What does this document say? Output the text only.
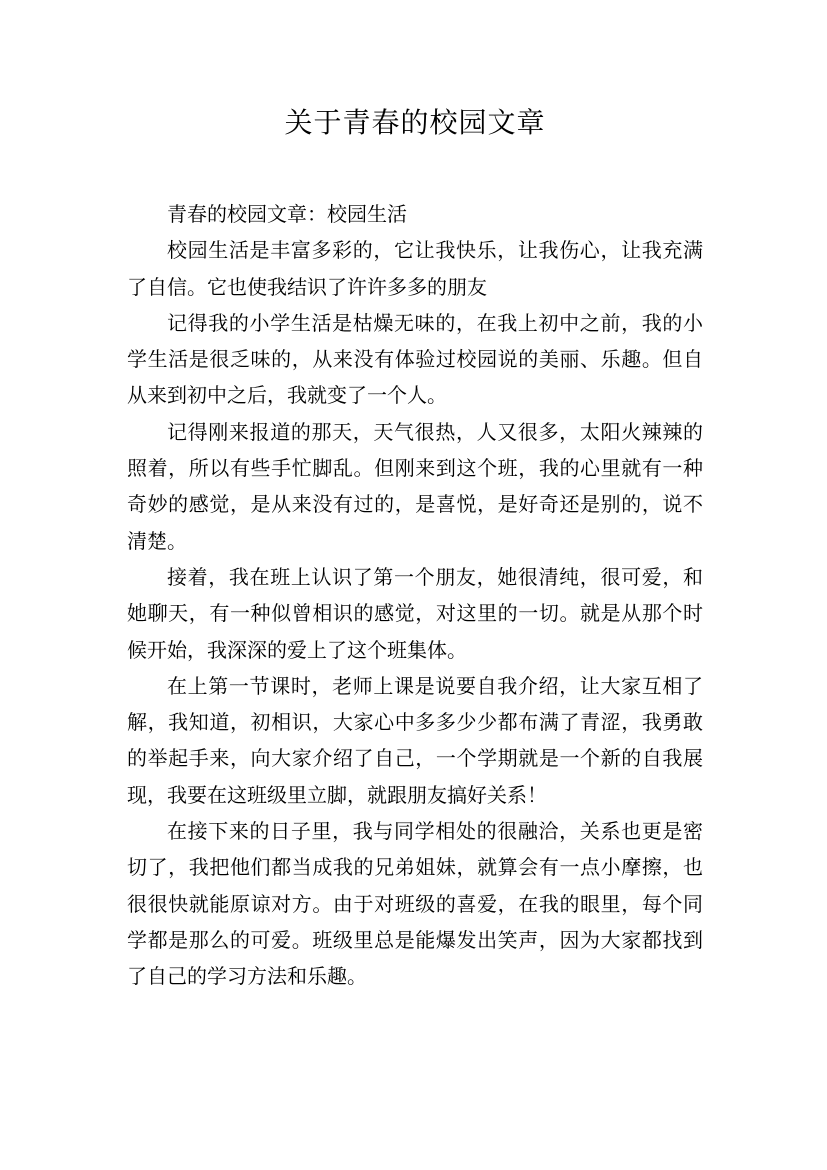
关于青春的校园文章

青春的校园文章：校园生活

校园生活是丰富多彩的，它让我快乐，让我伤心，让我充满了自信。它也使我结识了许许多多的朋友

记得我的小学生活是枯燥无味的，在我上初中之前，我的小学生活是很乏味的，从来没有体验过校园说的美丽、乐趣。但自从来到初中之后，我就变了一个人。

记得刚来报道的那天，天气很热，人又很多，太阳火辣辣的照着，所以有些手忙脚乱。但刚来到这个班，我的心里就有一种奇妙的感觉，是从来没有过的，是喜悦，是好奇还是别的，说不清楚。

接着，我在班上认识了第一个朋友，她很清纯，很可爱，和她聊天，有一种似曾相识的感觉，对这里的一切。就是从那个时候开始，我深深的爱上了这个班集体。

在上第一节课时，老师上课是说要自我介绍，让大家互相了解，我知道，初相识，大家心中多多少少都布满了青涩，我勇敢的举起手来，向大家介绍了自己，一个学期就是一个新的自我展现，我要在这班级里立脚，就跟朋友搞好关系！

在接下来的日子里，我与同学相处的很融洽，关系也更是密切了，我把他们都当成我的兄弟姐妹，就算会有一点小摩擦，也很很快就能原谅对方。由于对班级的喜爱，在我的眼里，每个同学都是那么的可爱。班级里总是能爆发出笑声，因为大家都找到了自己的学习方法和乐趣。
